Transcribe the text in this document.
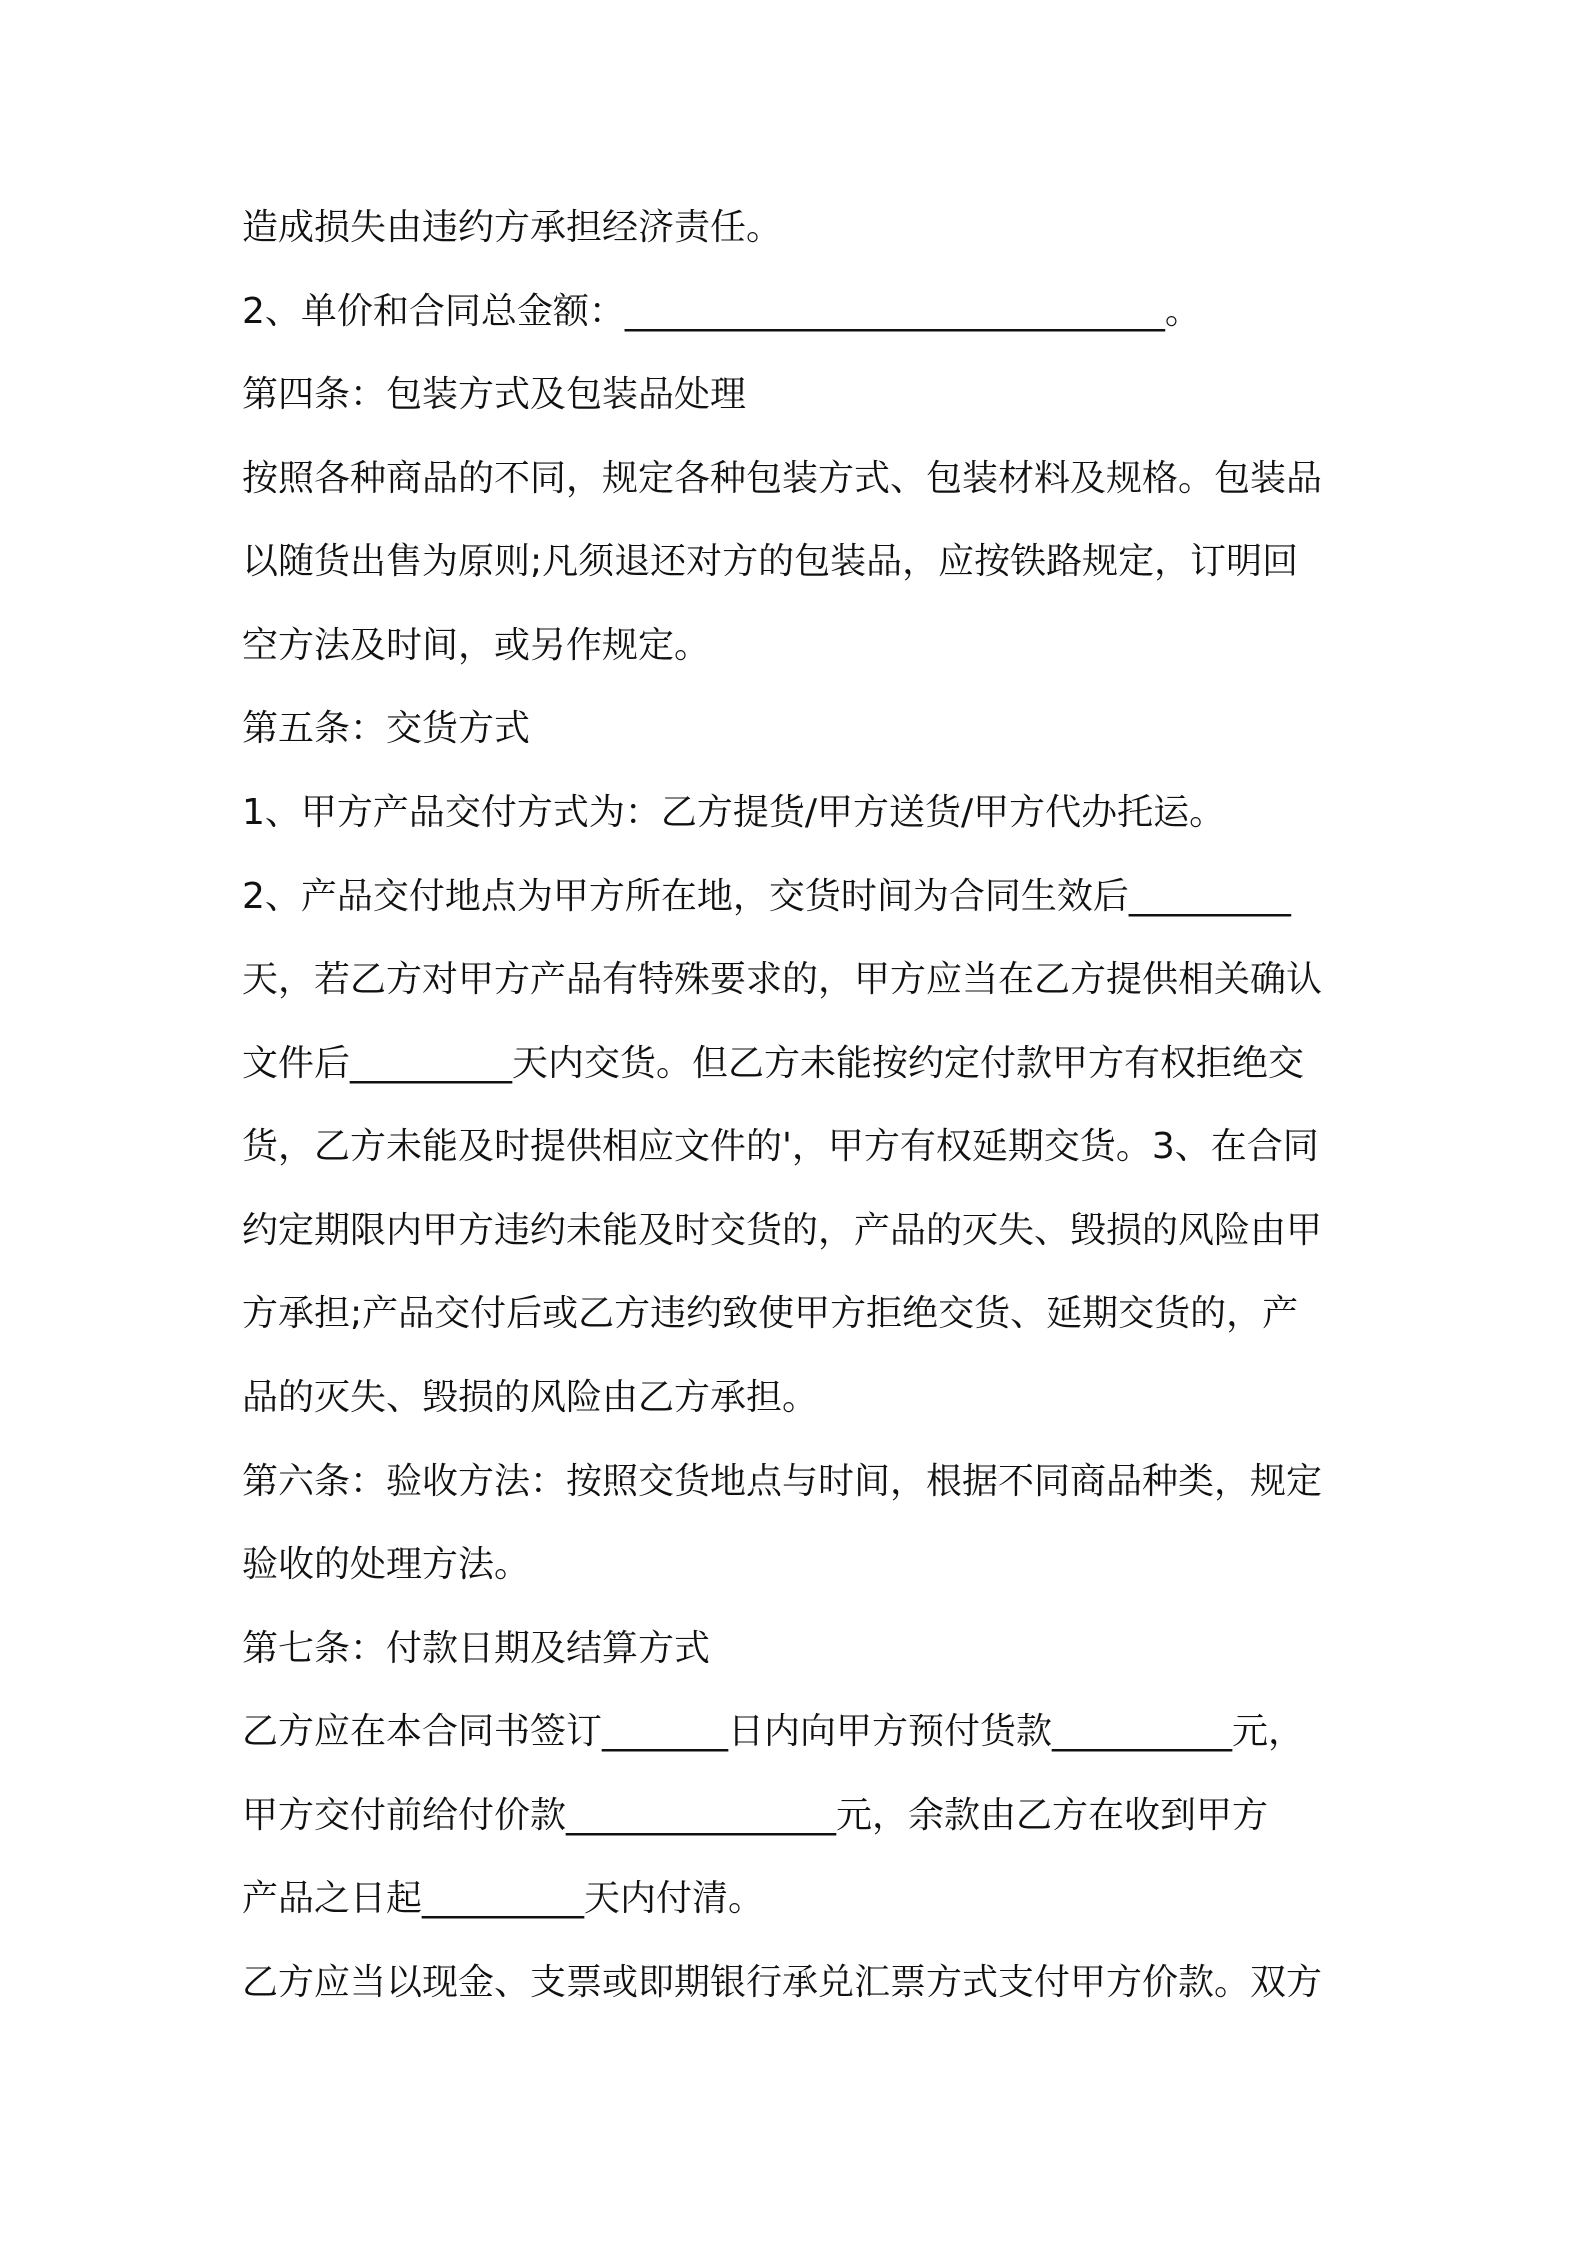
造成损失由违约方承担经济责任。
2、单价和合同总金额：______________________________。
第四条：包装方式及包装品处理
按照各种商品的不同，规定各种包装方式、包装材料及规格。包装品
以随货出售为原则;凡须退还对方的包装品，应按铁路规定，订明回
空方法及时间，或另作规定。
第五条：交货方式
1、甲方产品交付方式为：乙方提货/甲方送货/甲方代办托运。
2、产品交付地点为甲方所在地，交货时间为合同生效后_________
天，若乙方对甲方产品有特殊要求的，甲方应当在乙方提供相关确认
文件后_________天内交货。但乙方未能按约定付款甲方有权拒绝交
货，乙方未能及时提供相应文件的'，甲方有权延期交货。3、在合同
约定期限内甲方违约未能及时交货的，产品的灭失、毁损的风险由甲
方承担;产品交付后或乙方违约致使甲方拒绝交货、延期交货的，产
品的灭失、毁损的风险由乙方承担。
第六条：验收方法：按照交货地点与时间，根据不同商品种类，规定
验收的处理方法。
第七条：付款日期及结算方式
乙方应在本合同书签订_______日内向甲方预付货款__________元，
甲方交付前给付价款_______________元，余款由乙方在收到甲方
产品之日起_________天内付清。
乙方应当以现金、支票或即期银行承兑汇票方式支付甲方价款。双方
